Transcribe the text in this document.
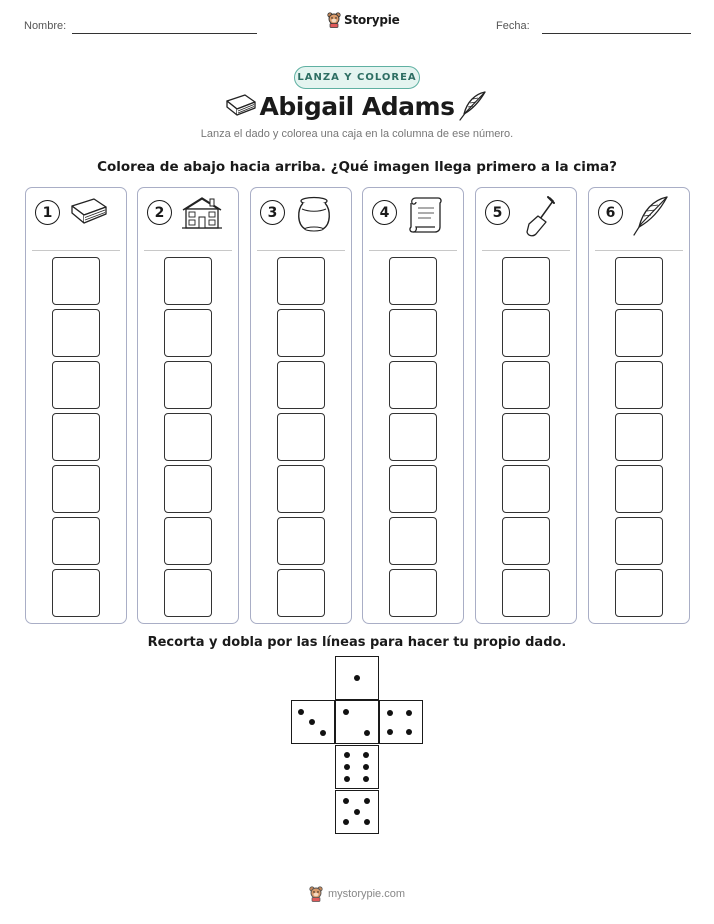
Nombre:	Storypie	Fecha:
LANZA Y COLOREA
Abigail Adams
Lanza el dado y colorea una caja en la columna de ese número.
Colorea de abajo hacia arriba. ¿Qué imagen llega primero a la cima?
1	2	3	4	5	6
Recorta y dobla por las líneas para hacer tu propio dado.
mystorypie.com
